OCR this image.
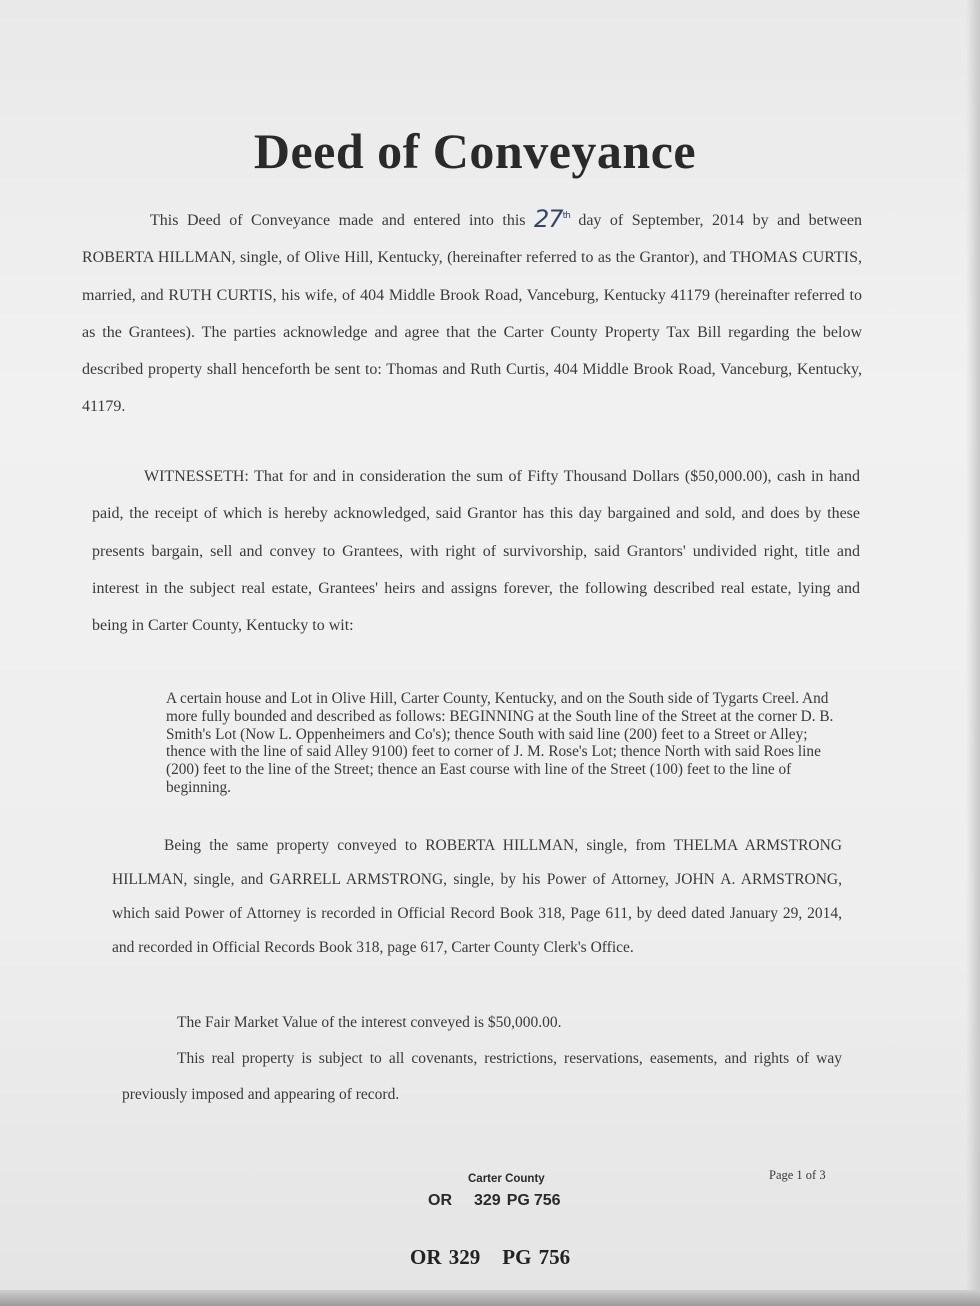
Deed of Conveyance
This Deed of Conveyance made and entered into this 27th day of September, 2014 by and between ROBERTA HILLMAN, single, of Olive Hill, Kentucky, (hereinafter referred to as the Grantor), and THOMAS CURTIS, married, and RUTH CURTIS, his wife, of 404 Middle Brook Road, Vanceburg, Kentucky 41179 (hereinafter referred to as the Grantees). The parties acknowledge and agree that the Carter County Property Tax Bill regarding the below described property shall henceforth be sent to: Thomas and Ruth Curtis, 404 Middle Brook Road, Vanceburg, Kentucky, 41179.
WITNESSETH: That for and in consideration the sum of Fifty Thousand Dollars ($50,000.00), cash in hand paid, the receipt of which is hereby acknowledged, said Grantor has this day bargained and sold, and does by these presents bargain, sell and convey to Grantees, with right of survivorship, said Grantors' undivided right, title and interest in the subject real estate, Grantees' heirs and assigns forever, the following described real estate, lying and being in Carter County, Kentucky to wit:
A certain house and Lot in Olive Hill, Carter County, Kentucky, and on the South side of Tygarts Creel. And more fully bounded and described as follows: BEGINNING at the South line of the Street at the corner D. B. Smith's Lot (Now L. Oppenheimers and Co's); thence South with said line (200) feet to a Street or Alley; thence with the line of said Alley 9100) feet to corner of J. M. Rose's Lot; thence North with said Roes line (200) feet to the line of the Street; thence an East course with line of the Street (100) feet to the line of beginning.
Being the same property conveyed to ROBERTA HILLMAN, single, from THELMA ARMSTRONG HILLMAN, single, and GARRELL ARMSTRONG, single, by his Power of Attorney, JOHN A. ARMSTRONG, which said Power of Attorney is recorded in Official Record Book 318, Page 611, by deed dated January 29, 2014, and recorded in Official Records Book 318, page 617, Carter County Clerk's Office.
The Fair Market Value of the interest conveyed is $50,000.00.
This real property is subject to all covenants, restrictions, reservations, easements, and rights of way previously imposed and appearing of record.
Carter County
OR 329 PG 756
Page 1 of 3
OR 329 PG 756
